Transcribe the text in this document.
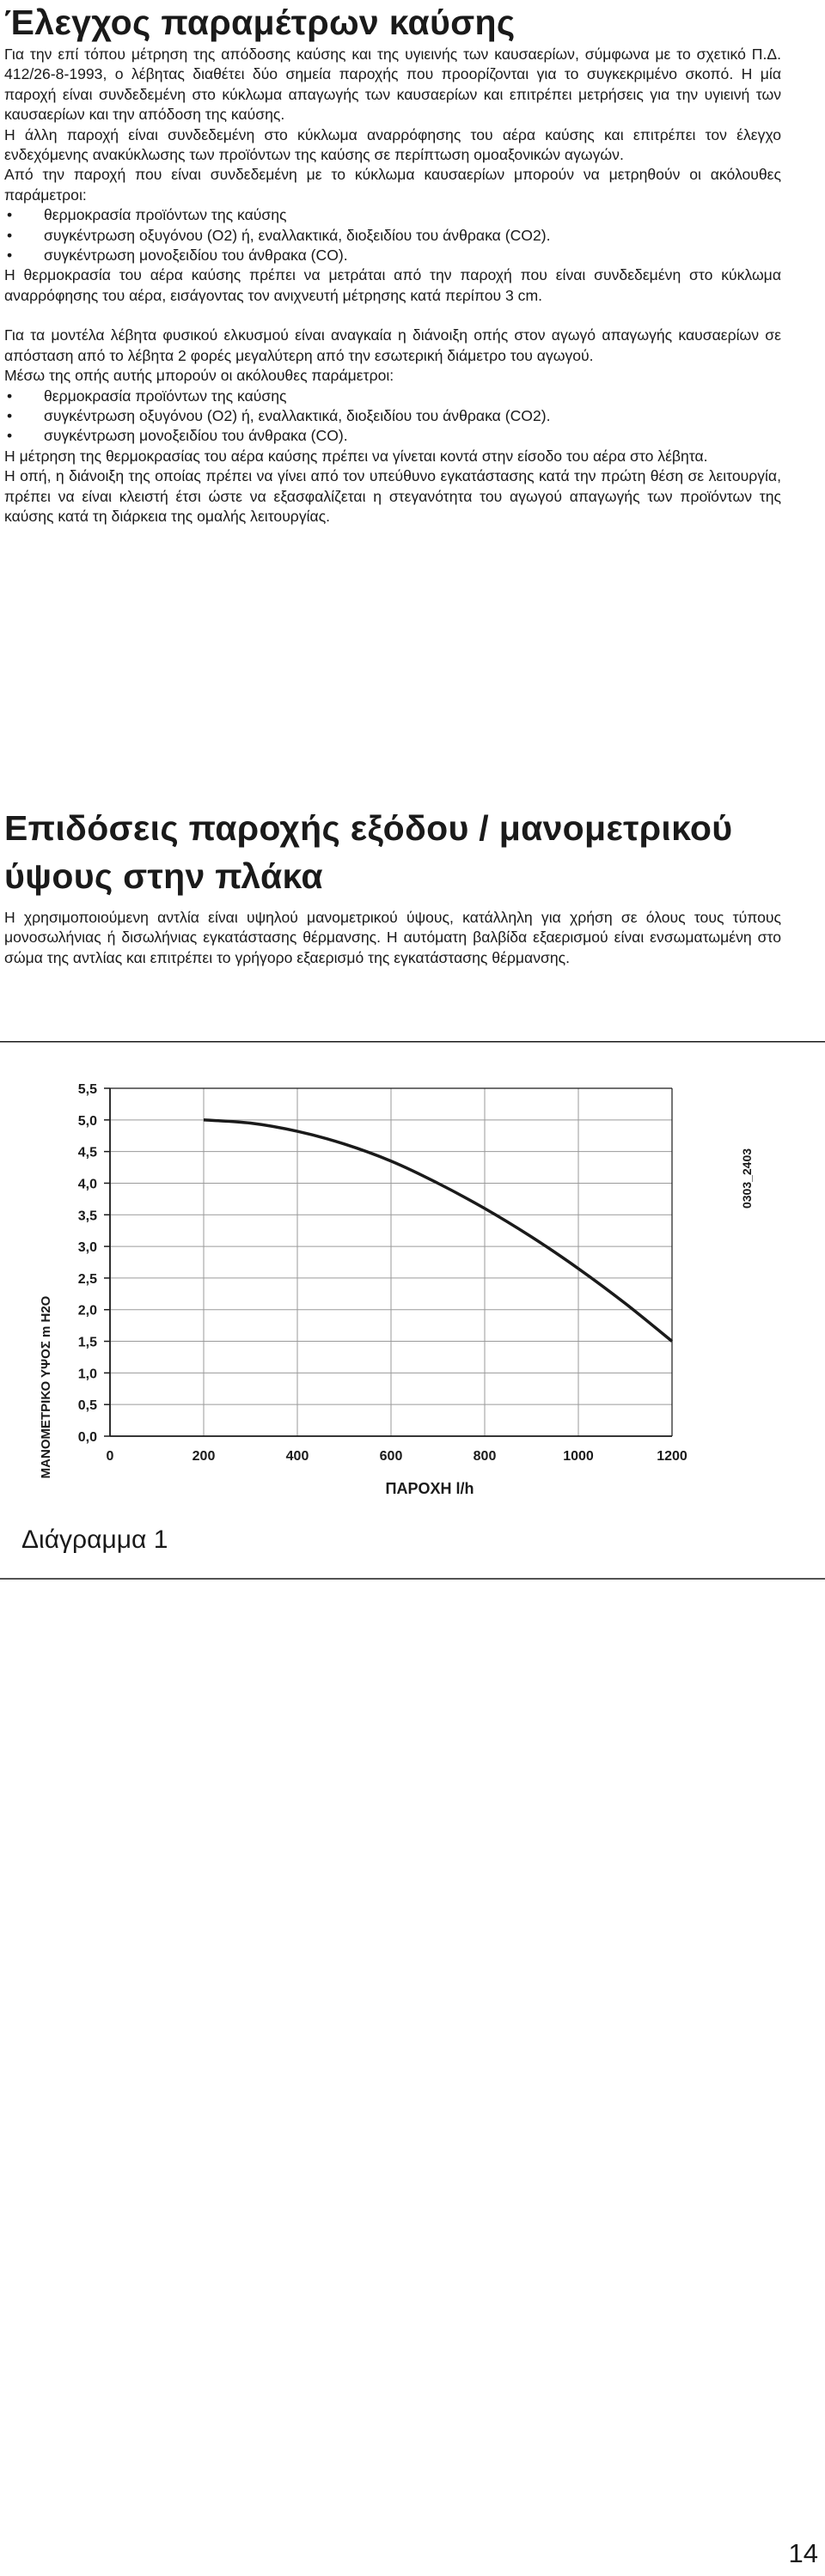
Έλεγχος παραμέτρων καύσης

Για την επί τόπου μέτρηση της απόδοσης καύσης και της υγιεινής των καυσαερίων, σύμφωνα με το σχετικό Π.Δ. 412/26-8-1993, ο λέβητας διαθέτει δύο σημεία παροχής που προορίζονται για το συγκεκριμένο σκοπό. Η μία παροχή είναι συνδεδεμένη στο κύκλωμα απαγωγής των καυσαερίων και επιτρέπει μετρήσεις για την υγιεινή των καυσαερίων και την απόδοση της καύσης.

Η άλλη παροχή είναι συνδεδεμένη στο κύκλωμα αναρρόφησης του αέρα καύσης και επιτρέπει τον έλεγχο ενδεχόμενης ανακύκλωσης των προϊόντων της καύσης σε περίπτωση ομοαξονικών αγωγών.

Από την παροχή που είναι συνδεδεμένη με το κύκλωμα καυσαερίων μπορούν να μετρηθούν οι ακόλουθες παράμετροι:

• θερμοκρασία προϊόντων της καύσης
• συγκέντρωση οξυγόνου (O2) ή, εναλλακτικά, διοξειδίου του άνθρακα (CO2).
• συγκέντρωση μονοξειδίου του άνθρακα (CO).

Η θερμοκρασία του αέρα καύσης πρέπει να μετράται από την παροχή που είναι συνδεδεμένη στο κύκλωμα αναρρόφησης του αέρα, εισάγοντας τον ανιχνευτή μέτρησης κατά περίπου 3 cm.

Για τα μοντέλα λέβητα φυσικού ελκυσμού είναι αναγκαία η διάνοιξη οπής στον αγωγό απαγωγής καυσαερίων σε απόσταση από το λέβητα 2 φορές μεγαλύτερη από την εσωτερική διάμετρο του αγωγού.

Μέσω της οπής αυτής μπορούν οι ακόλουθες παράμετροι:

• θερμοκρασία προϊόντων της καύσης
• συγκέντρωση οξυγόνου (O2) ή, εναλλακτικά, διοξειδίου του άνθρακα (CO2).
• συγκέντρωση μονοξειδίου του άνθρακα (CO).

Η μέτρηση της θερμοκρασίας του αέρα καύσης πρέπει να γίνεται κοντά στην είσοδο του αέρα στο λέβητα.

Η οπή, η διάνοιξη της οποίας πρέπει να γίνει από τον υπεύθυνο εγκατάστασης κατά την πρώτη θέση σε λειτουργία, πρέπει να είναι κλειστή έτσι ώστε να εξασφαλίζεται η στεγανότητα του αγωγού απαγωγής των προϊόντων της καύσης κατά τη διάρκεια της ομαλής λειτουργίας.

Επιδόσεις παροχής εξόδου / μανομετρικού ύψους στην πλάκα

Η χρησιμοποιούμενη αντλία είναι υψηλού μανομετρικού ύψους, κατάλληλη για χρήση σε όλους τους τύπους μονοσωλήνιας ή δισωλήνιας εγκατάστασης θέρμανσης. Η αυτόματη βαλβίδα εξαερισμού είναι ενσωματωμένη στο σώμα της αντλίας και επιτρέπει το γρήγορο εξαερισμό της εγκατάστασης θέρμανσης.

0	200	400	600	800	1000	1200
0,0
0,5
1,0
1,5
2,0
2,5
3,0
3,5
4,0
4,5
5,0
5,5
ΠΑΡΟΧΗ l/h
ΜΑΝΟΜΕΤΡΙΚΟ ΥΨΟΣ m H2O
0303_2403
Διάγραμμα 1
14
